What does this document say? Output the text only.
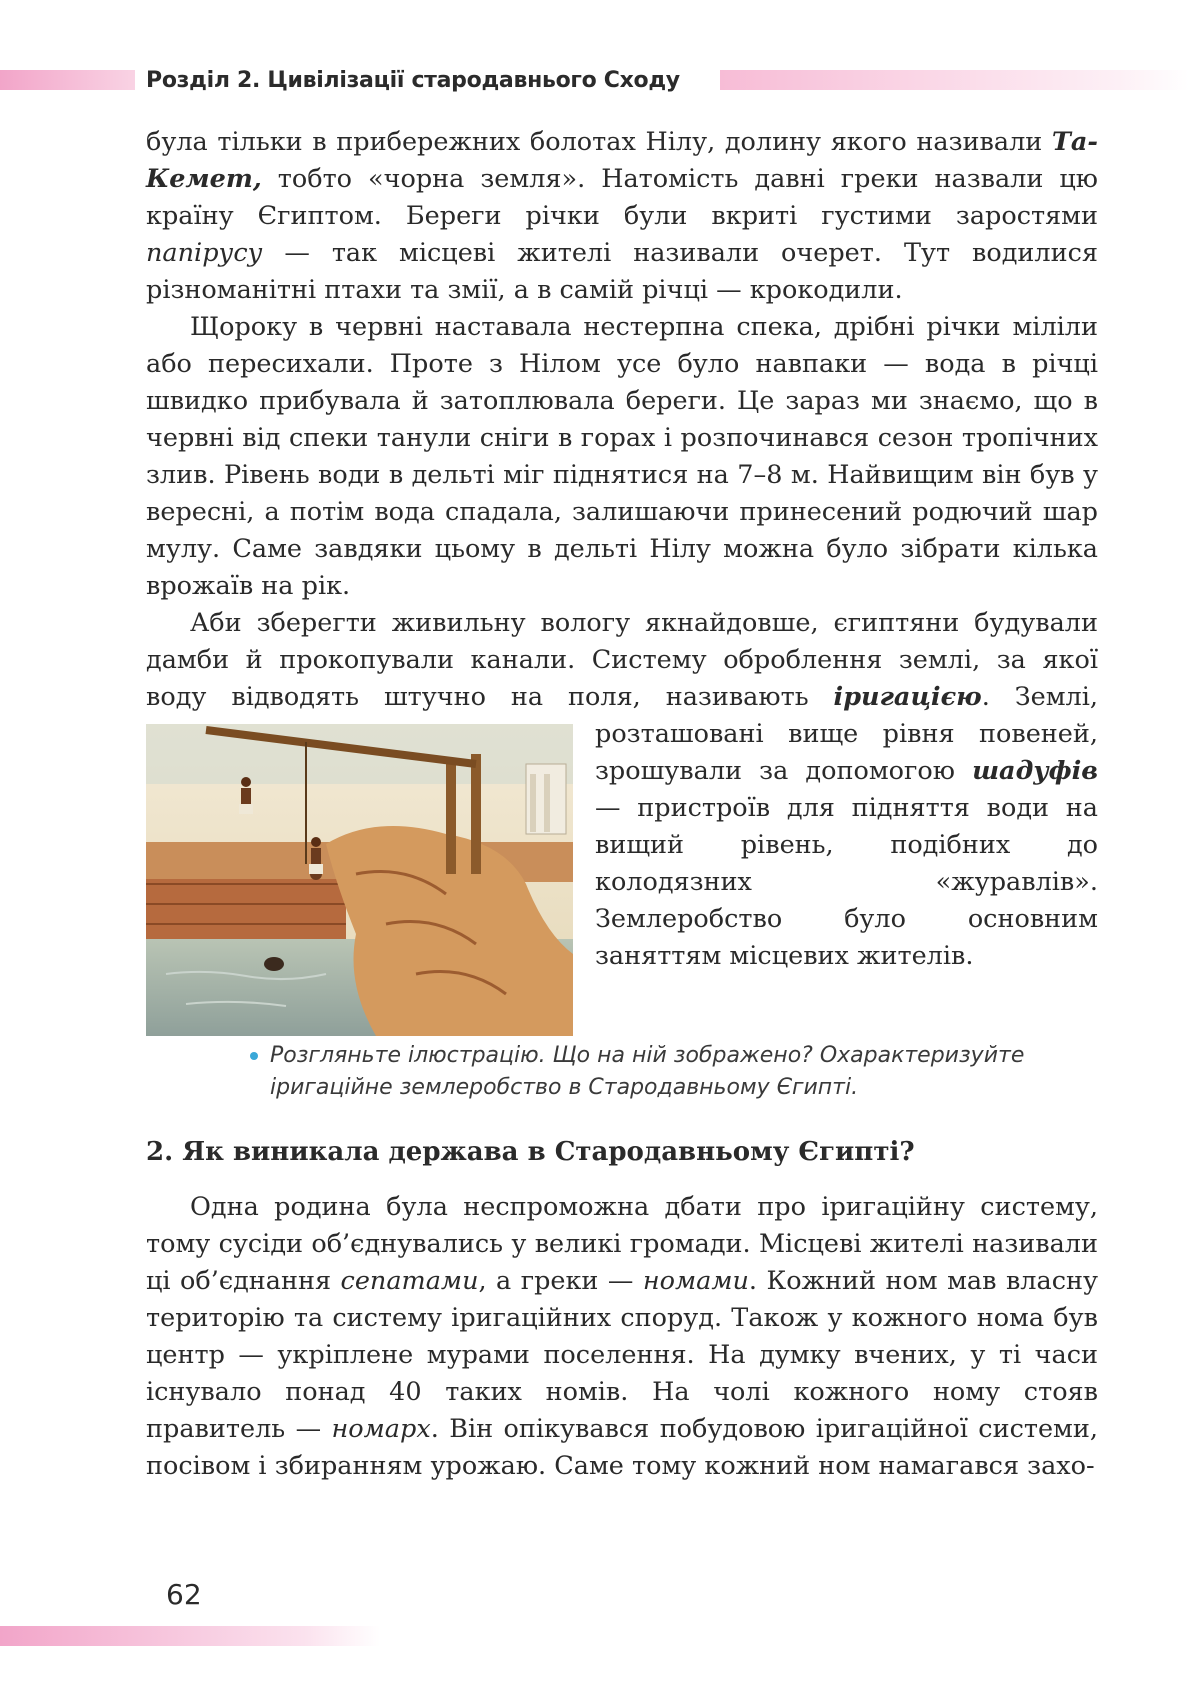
Розділ 2. Цивілізації стародавнього Сходу

була тільки в прибережних болотах Нілу, долину якого називали Та-Кемет, тобто «чорна земля». Натомість давні греки назвали цю країну Єгиптом. Береги річки були вкриті густими заростями папірусу — так місцеві жителі називали очерет. Тут водилися різноманітні птахи та змії, а в самій річці — крокодили.

Щороку в червні наставала нестерпна спека, дрібні річки міліли або пересихали. Проте з Нілом усе було навпаки — вода в річці швидко прибувала й затоплювала береги. Це зараз ми знаємо, що в червні від спеки танули сніги в горах і розпочинався сезон тропічних злив. Рівень води в дельті міг піднятися на 7–8 м. Найвищим він був у вересні, а потім вода спадала, залишаючи принесений родючий шар мулу. Саме завдяки цьому в дельті Нілу можна було зібрати кілька врожаїв на рік.

Аби зберегти живильну вологу якнайдовше, єгиптяни будували дамби й прокопували канали. Систему оброблення землі, за якої воду відводять штучно на поля, називають
іригацією. Землі, розташовані вище рівня повеней, зрошували за допомогою шадуфів — пристроїв для підняття води на вищий рівень, подібних до колодязних «журавлів». Землеробство було основним заняттям місцевих жителів.

Розгляньте ілюстрацію. Що на ній зображено? Охарактеризуйте іригаційне землеробство в Стародавньому Єгипті.
2. Як виникала держава в Стародавньому Єгипті?

Одна родина була неспроможна дбати про іригаційну систему, тому сусіди об’єднувались у великі громади. Місцеві жителі називали ці об’єднання сепатами, а греки — номами. Кожний ном мав власну територію та систему іригаційних споруд. Також у кожного нома був центр — укріплене мурами поселення. На думку вчених, у ті часи існувало понад 40 таких номів. На чолі кожного ному стояв правитель — номарх. Він опікувався побудовою іригаційної системи, посівом і збиранням урожаю. Саме тому кожний ном намагався захо-

62
